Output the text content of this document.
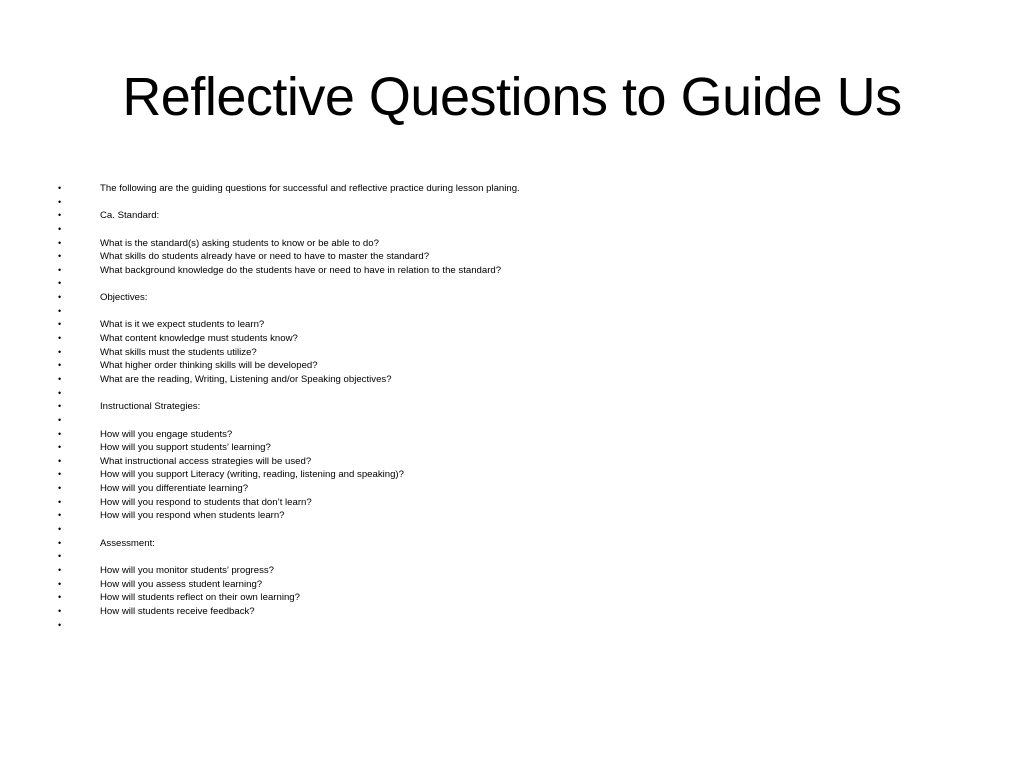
Reflective Questions to Guide Us
•	The following are the guiding questions for successful and reflective practice during lesson planing.
•
•	Ca. Standard:
•
•	What is the standard(s) asking students to know or be able to do?
•	What skills do students already have or need to have to master the standard?
•	What background knowledge do the students have or need to have in relation to the standard?
•
•	Objectives:
•
•	What is it we expect students to learn?
•	What content knowledge must students know?
•	What skills must the students utilize?
•	What higher order thinking skills will be developed?
•	What are the reading, Writing, Listening and/or Speaking objectives?
•
•	Instructional Strategies:
•
•	How will you engage students?
•	How will you support students’ learning?
•	What instructional access strategies will be used?
•	How will you support Literacy (writing, reading, listening and speaking)?
•	How will you differentiate learning?
•	How will you respond to students that don’t learn?
•	How will you respond when students learn?
•
•	Assessment:
•
•	How will you monitor students’ progress?
•	How will you assess student learning?
•	How will students reflect on their own learning?
•	How will students receive feedback?
•
